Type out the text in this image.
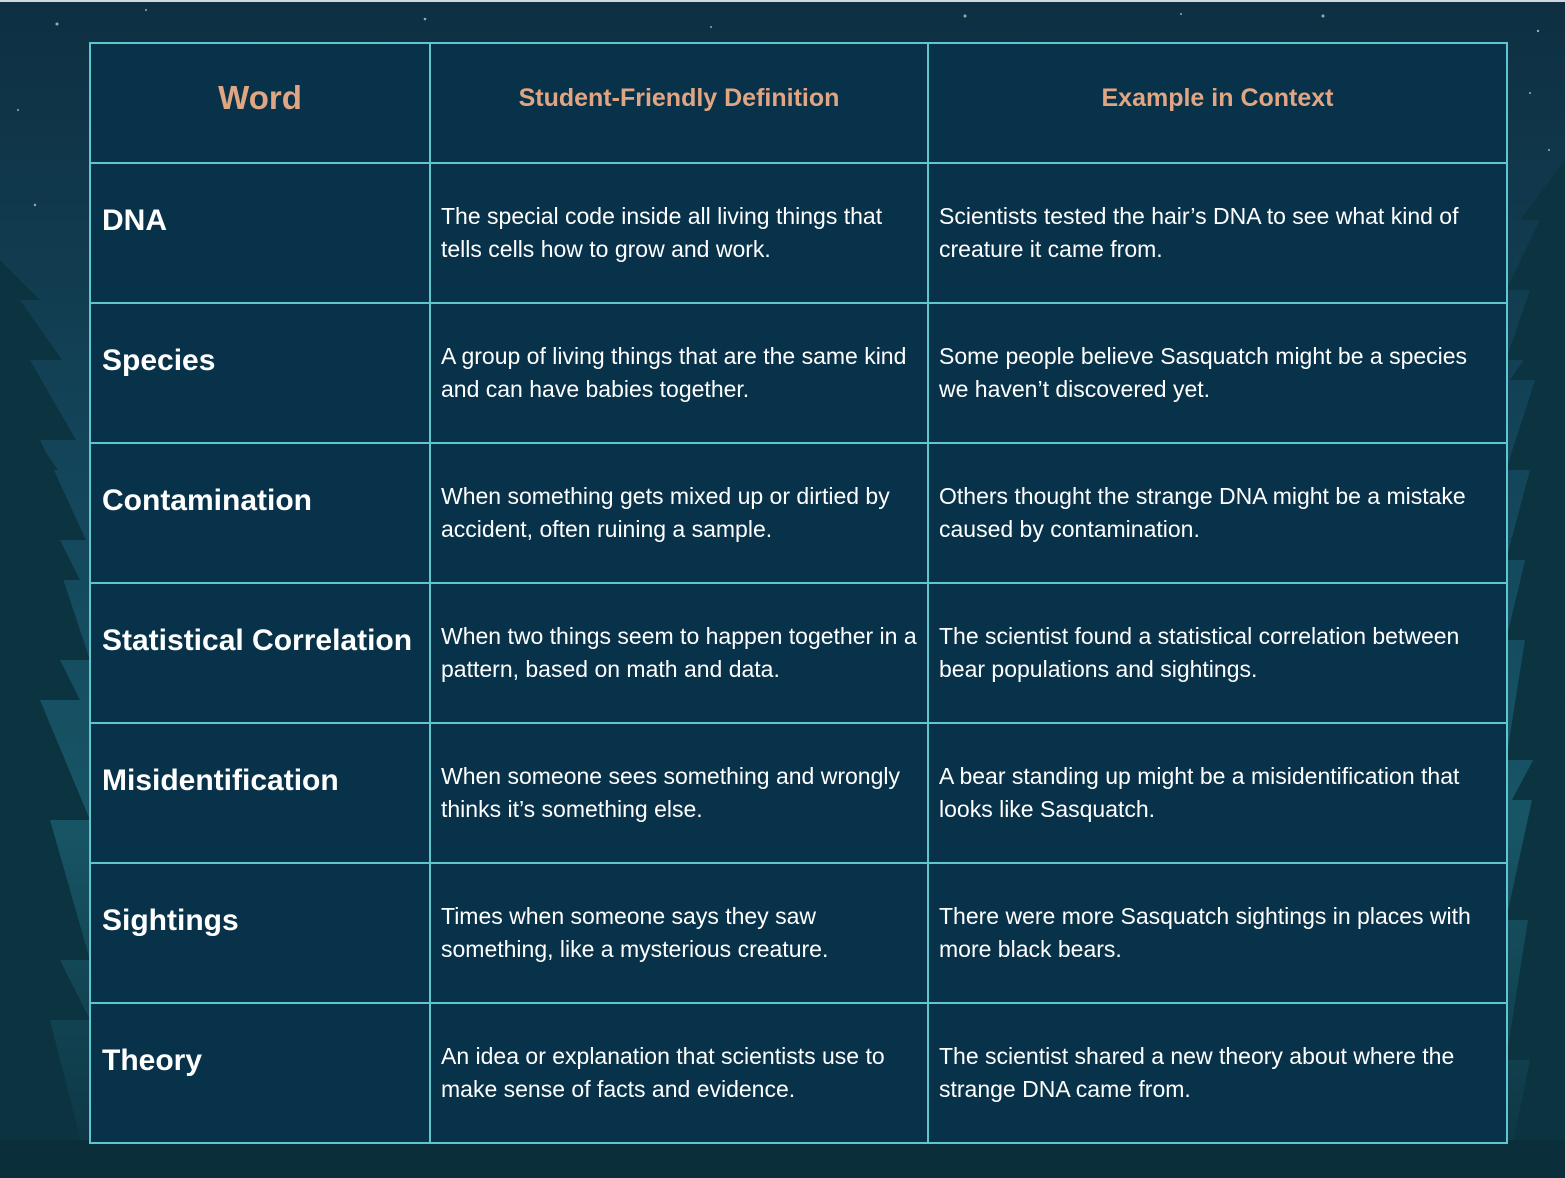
Word	Student-Friendly Definition	Example in Context
DNA	The special code inside all living things that tells cells how to grow and work.	Scientists tested the hair’s DNA to see what kind of creature it came from.
Species	A group of living things that are the same kind and can have babies together.	Some people believe Sasquatch might be a species we haven’t discovered yet.
Contamination	When something gets mixed up or dirtied by accident, often ruining a sample.	Others thought the strange DNA might be a mistake caused by contamination.
Statistical Correlation	When two things seem to happen together in a pattern, based on math and data.	The scientist found a statistical correlation between bear populations and sightings.
Misidentification	When someone sees something and wrongly thinks it’s something else.	A bear standing up might be a misidentification that looks like Sasquatch.
Sightings	Times when someone says they saw something, like a mysterious creature.	There were more Sasquatch sightings in places with more black bears.
Theory	An idea or explanation that scientists use to make sense of facts and evidence.	The scientist shared a new theory about where the strange DNA came from.
